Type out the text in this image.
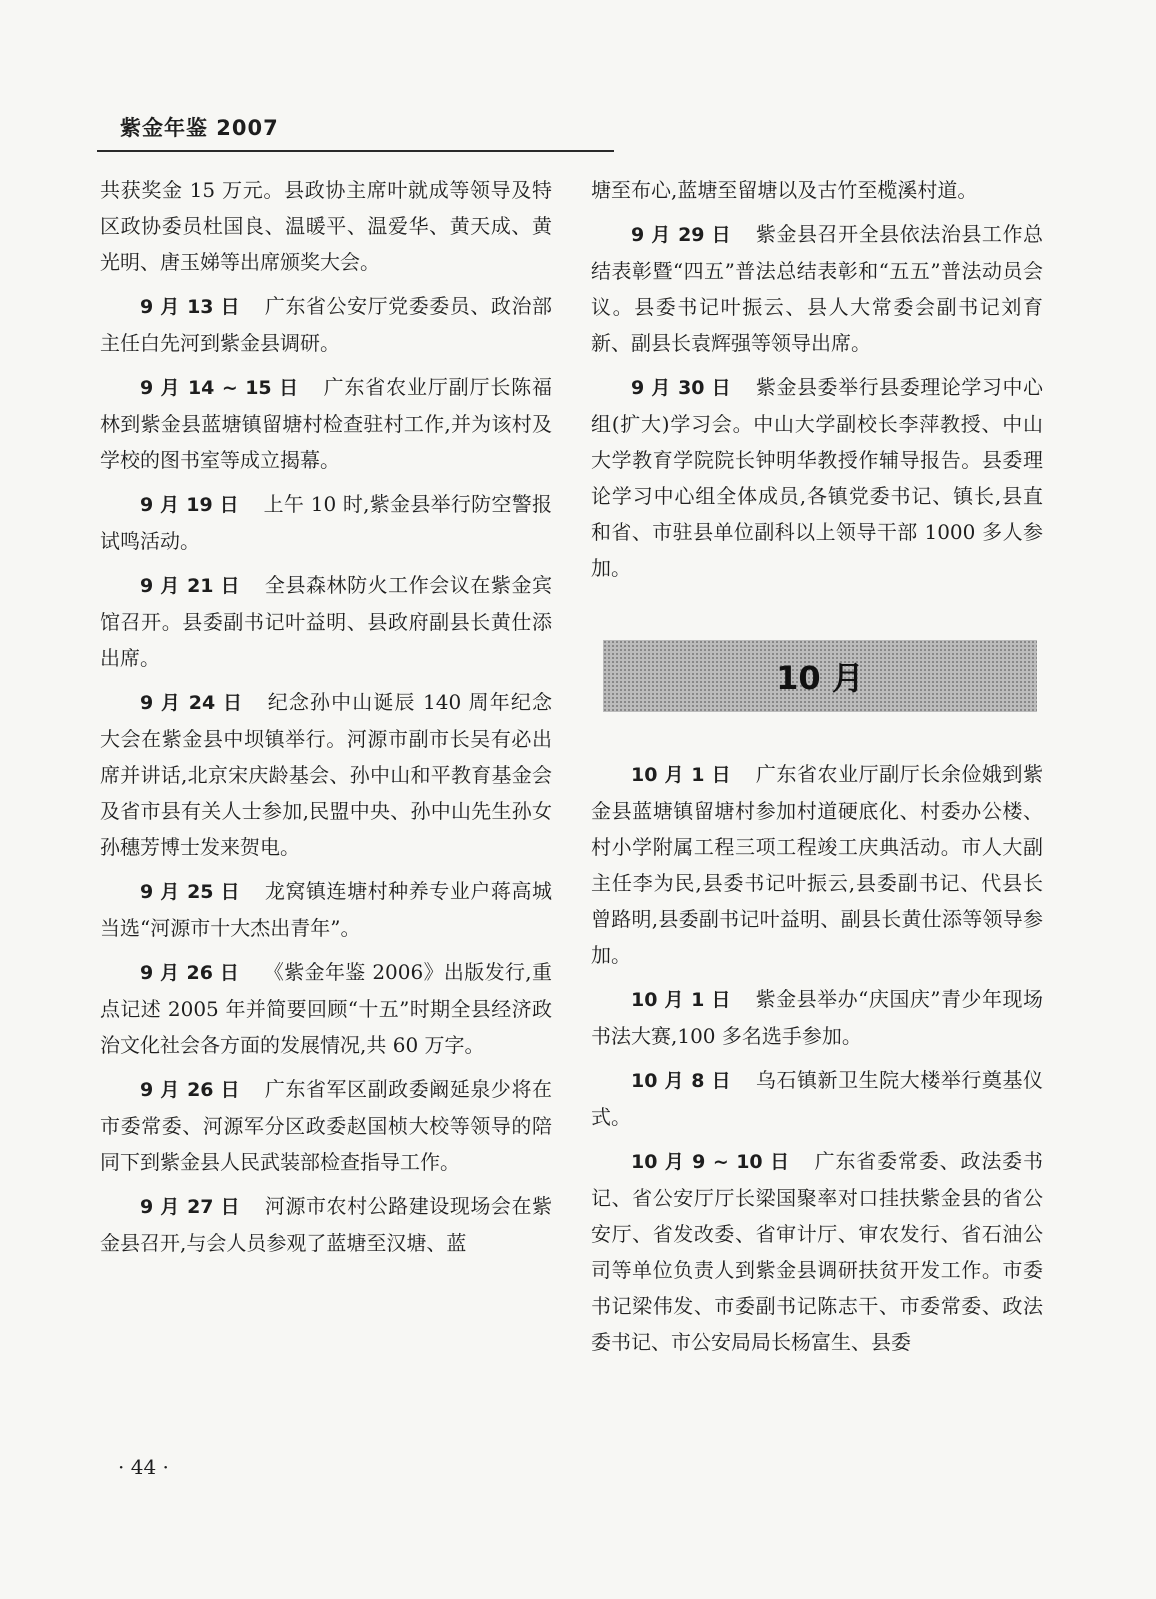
紫金年鉴 2007

共获奖金 15 万元。县政协主席叶就成等领导及特区政协委员杜国良、温暖平、温爱华、黄天成、黄光明、唐玉娣等出席颁奖大会。

9 月 13 日 广东省公安厅党委委员、政治部主任白先河到紫金县调研。

9 月 14 ~ 15 日 广东省农业厅副厅长陈福林到紫金县蓝塘镇留塘村检查驻村工作,并为该村及学校的图书室等成立揭幕。

9 月 19 日 上午 10 时,紫金县举行防空警报试鸣活动。

9 月 21 日 全县森林防火工作会议在紫金宾馆召开。县委副书记叶益明、县政府副县长黄仕添出席。

9 月 24 日 纪念孙中山诞辰 140 周年纪念大会在紫金县中坝镇举行。河源市副市长吴有必出席并讲话,北京宋庆龄基会、孙中山和平教育基金会及省市县有关人士参加,民盟中央、孙中山先生孙女孙穗芳博士发来贺电。

9 月 25 日 龙窝镇连塘村种养专业户蒋高城当选“河源市十大杰出青年”。

9 月 26 日 《紫金年鉴 2006》出版发行,重点记述 2005 年并简要回顾“十五”时期全县经济政治文化社会各方面的发展情况,共 60 万字。

9 月 26 日 广东省军区副政委阚延泉少将在市委常委、河源军分区政委赵国桢大校等领导的陪同下到紫金县人民武装部检查指导工作。

9 月 27 日 河源市农村公路建设现场会在紫金县召开,与会人员参观了蓝塘至汉塘、蓝

塘至布心,蓝塘至留塘以及古竹至榄溪村道。

9 月 29 日 紫金县召开全县依法治县工作总结表彰暨“四五”普法总结表彰和“五五”普法动员会议。县委书记叶振云、县人大常委会副书记刘育新、副县长袁辉强等领导出席。

9 月 30 日 紫金县委举行县委理论学习中心组(扩大)学习会。中山大学副校长李萍教授、中山大学教育学院院长钟明华教授作辅导报告。县委理论学习中心组全体成员,各镇党委书记、镇长,县直和省、市驻县单位副科以上领导干部 1000 多人参加。

10 月

10 月 1 日 广东省农业厅副厅长余俭娥到紫金县蓝塘镇留塘村参加村道硬底化、村委办公楼、村小学附属工程三项工程竣工庆典活动。市人大副主任李为民,县委书记叶振云,县委副书记、代县长曾路明,县委副书记叶益明、副县长黄仕添等领导参加。

10 月 1 日 紫金县举办“庆国庆”青少年现场书法大赛,100 多名选手参加。

10 月 8 日 乌石镇新卫生院大楼举行奠基仪式。

10 月 9 ~ 10 日 广东省委常委、政法委书记、省公安厅厅长梁国聚率对口挂扶紫金县的省公安厅、省发改委、省审计厅、审农发行、省石油公司等单位负责人到紫金县调研扶贫开发工作。市委书记梁伟发、市委副书记陈志干、市委常委、政法委书记、市公安局局长杨富生、县委

· 44 ·
